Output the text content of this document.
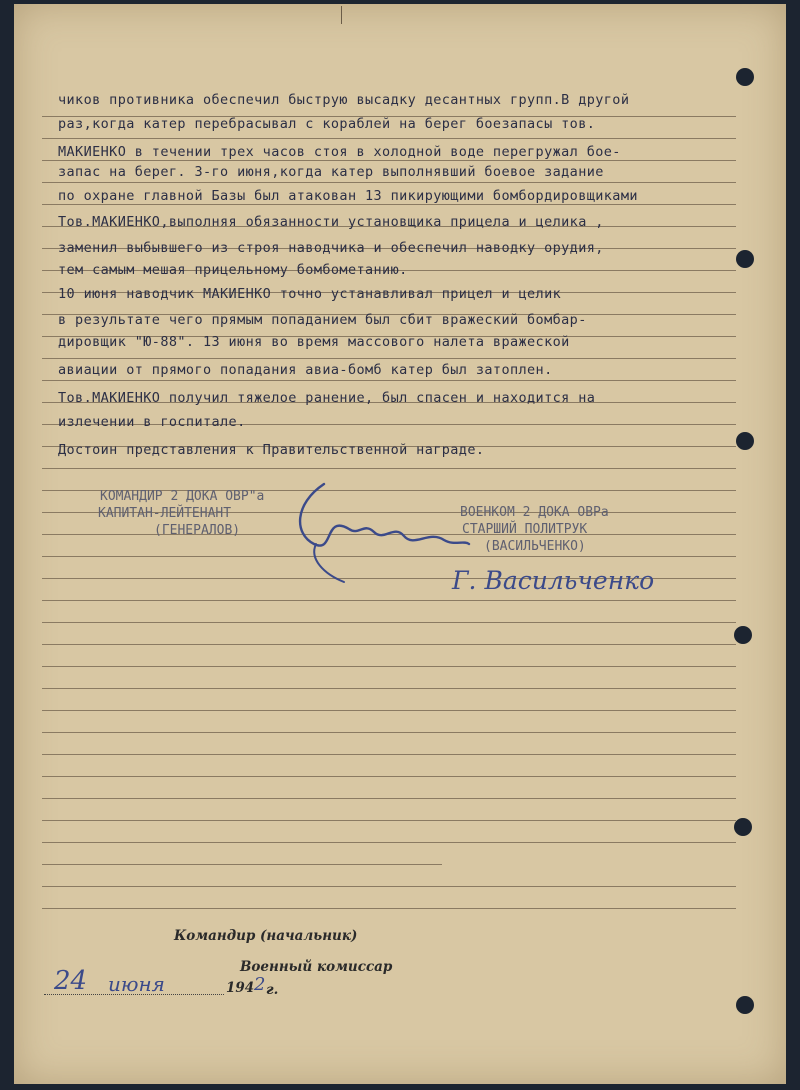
чиков противника обеспечил быструю высадку десантных групп.В другой
раз,когда катер перебрасывал с кораблей на берег боезапасы тов.
МАКИЕНКО в течении трех часов стоя в холодной воде перегружал бое-
запас на берег. 3-го июня,когда катер выполнявший боевое задание
по охране главной Базы был атакован 13 пикирующими бомбордировщиками
Тов.МАКИЕНКО,выполняя обязанности установщика прицела и целика ,
заменил выбывшего из строя наводчика и обеспечил наводку орудия,
тем самым мешая прицельному бомбометанию.
10 июня наводчик МАКИЕНКО точно устанавливал прицел и целик
в результате чего прямым попаданием был сбит вражеский бомбар-
дировщик "Ю-88". 13 июня во время массового налета вражеской
авиации от прямого попадания авиа-бомб катер был затоплен.
Тов.МАКИЕНКО получил тяжелое ранение, был спасен и находится на
излечении в госпитале.
Достоин представления к Правительственной награде.
КОМАНДИР 2 ДОКА ОВР"а
КАПИТАН-ЛЕЙТЕНАНТ
(ГЕНЕРАЛОВ)
ВОЕНКОМ 2 ДОКА ОВРа
СТАРШИЙ ПОЛИТРУК
(ВАСИЛЬЧЕНКО)
Г. Васильченко
Командир (начальник)
Военный комиссар
24 июня	194 2 г.
